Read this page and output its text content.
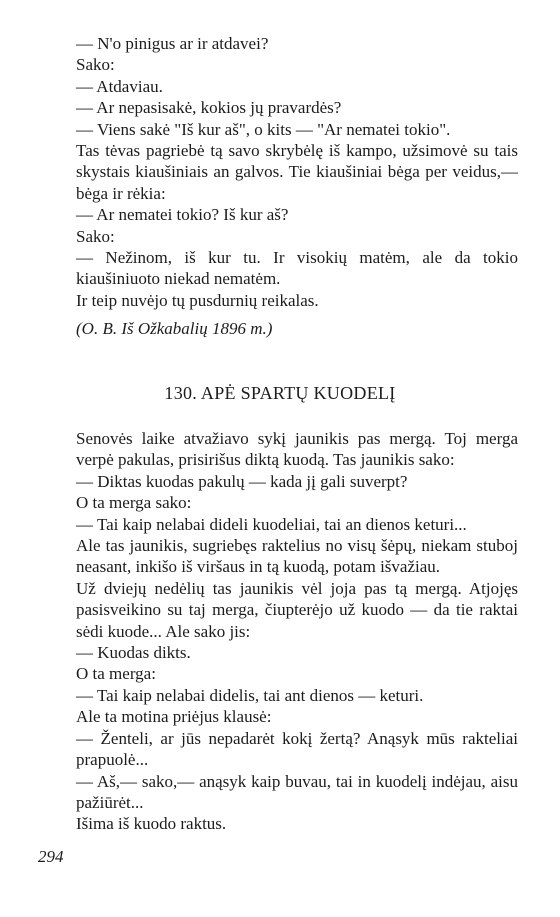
— N'o pinigus ar ir atdavei?

Sako:

— Atdaviau.

— Ar nepasisakė, kokios jų pravardės?

— Viens sakė "Iš kur aš", o kits — "Ar nematei tokio".

Tas tėvas pagriebė tą savo skrybėlę iš kampo, užsimovė su tais skystais kiaušiniais an galvos. Tie kiaušiniai bėga per veidus,— bėga ir rėkia:

— Ar nematei tokio? Iš kur aš?

Sako:

— Nežinom, iš kur tu. Ir visokių matėm, ale da tokio kiaušiniuoto niekad nematėm.

Ir teip nuvėjo tų pusdurnių reikalas.

(O. B. Iš Ožkabalių 1896 m.)

130. APĖ SPARTŲ KUODELĮ

Senovės laike atvažiavo sykį jaunikis pas mergą. Toj merga verpė pakulas, prisirišus diktą kuodą. Tas jaunikis sako:

— Diktas kuodas pakulų — kada jį gali suverpt?

O ta merga sako:

— Tai kaip nelabai dideli kuodeliai, tai an dienos keturi...

Ale tas jaunikis, sugriebęs raktelius no visų šėpų, niekam stuboj neasant, inkišo iš viršaus in tą kuodą, potam išvažiau.

Už dviejų nedėlių tas jaunikis vėl joja pas tą mergą. Atjojęs pasisveikino su taj merga, čiupterėjo už kuodo — da tie raktai sėdi kuode... Ale sako jis:

— Kuodas dikts.

O ta merga:

— Tai kaip nelabai didelis, tai ant dienos — keturi.

Ale ta motina priėjus klausė:

— Ženteli, ar jūs nepadarėt kokį žertą? Anąsyk mūs rakteliai prapuolė...

— Aš,— sako,— anąsyk kaip buvau, tai in kuodelį indėjau, aisu pažiūrėt...

Išima iš kuodo raktus.

294
